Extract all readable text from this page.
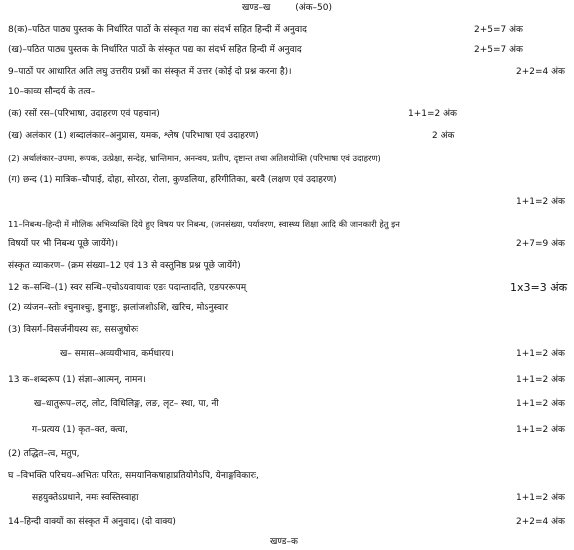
खण्ड–ख	(अंक–50)
8(क)–पठित पाठ्य पुस्तक के निर्धारित पाठों के संस्कृत गद्य का संदर्भ सहित हिन्दी में अनुवाद	2+5=7 अंक
(ख)–पठित पाठ्य पुस्तक के निर्धारित पाठों के संस्कृत पद्य का संदर्भ सहित हिन्दी में अनुवाद	2+5=7 अंक
9–पाठों पर आधारित अति लघु उत्तरीय प्रश्नों का संस्कृत में उत्तर (कोई दो प्रश्न करना है)।	2+2=4 अंक
10–काव्य सौन्दर्य के तत्व–
(क) रसों रस–(परिभाषा, उदाहरण एवं पहचान)	1+1=2 अंक
(ख) अलंकार (1) शब्दालंकार–अनुप्रास, यमक, श्लेष (परिभाषा एवं उदाहरण)	2 अंक
(2) अर्थालंकार–उपमा, रूपक, उत्प्रेक्षा, सन्देह, भ्रान्तिमान, अनन्वय, प्रतीप, दृष्टान्त तथा अतिशयोक्ति (परिभाषा एवं उदाहरण)
(ग) छन्द (1) मात्रिक–चौपाई, दोहा, सोरठा, रोला, कुण्डलिया, हरिगीतिका, बरवै (लक्षण एवं उदाहरण)
1+1=2 अंक
11–निबन्ध–हिन्दी में मौलिक अभिव्यक्ति दिये हुए विषय पर निबन्ध, (जनसंख्या, पर्यावरण, स्वास्थ्य शिक्षा आदि की जानकारी हेतु इन
विषयों पर भी निबन्ध पूछे जायेंगे)।	2+7=9 अंक
संस्कृत व्याकरण– (क्रम संख्या–12 एवं 13 से वस्तुनिष्ठ प्रश्न पूछे जायेंगे)
12 क–सन्धि–(1) स्वर सन्धि–एचोऽयवायावः एङः पदान्तादति, एङपररूपम्	1x3=3 अंक
(2) व्यंजन–स्तोः श्चुनाश्चुः, ष्टुनाष्टुः, झलांजशोऽशि, खरिच, मोऽनुस्वार
(3) विसर्ग–विसर्जनीयस्य सः, ससजुषोरुः
ख– समास–अव्ययीभाव, कर्मधारय।	1+1=2 अंक
13 क–शब्दरूप (1) संज्ञा–आत्मन्, नामन।	1+1=2 अंक
ख–धातुरूप–लट्, लोट, विधिलिङ्ग, लङ, लृट– स्था, पा, नी	1+1=2 अंक
ग–प्रत्यय (1) कृत–क्त, क्त्वा,	1+1=2 अंक
(2) तद्धित–त्व, मतुप,
घ –विभक्ति परिचय–अभितः परितः, समयानिकषाहाप्रतियोगेऽपि, येनाङ्गविकारः,
सहयुक्तेऽप्रधाने, नमः स्वस्तिस्वाहा	1+1=2 अंक
14–हिन्दी वाक्यों का संस्कृत में अनुवाद। (दो वाक्य)	2+2=4 अंक
खण्ड–क
